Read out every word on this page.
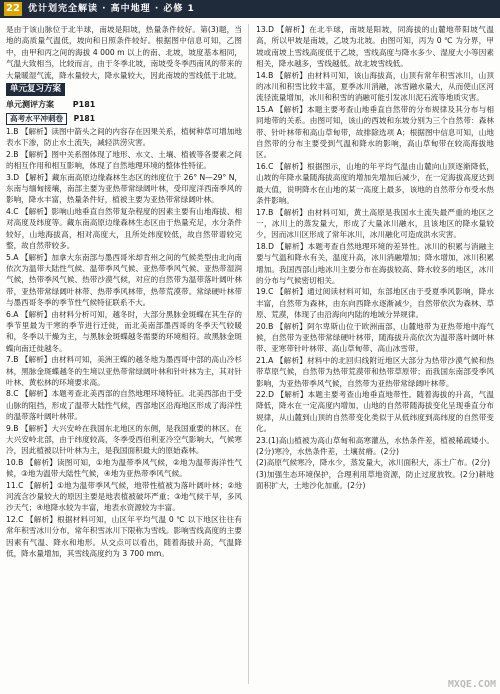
22 优计划完全解读 · 高中地理 · 必修 1

是由于该山脉位于北半球，南坡是阳坡，热量条件较好。第(3)题，当地的高质量气温低，坡向和日照条件较好。根据图中信息可知，乙图中，由甲和丙之间的海拔 4 000 m 以上的南、北坡，坡度基本相同，气温大致相当，比较而言，由于冬季北坡，南坡受冬季西南风的带来的大量暖湿气流，降水量较大，降水量较大，因此南坡的雪线低于北坡。

单元复习方案
单元测评方案 P181
高考水平冲刺卷 P181

1.B 【解析】读图中箭头之间的内容存在因果关系，植树种草可增加地表水下渗，防止水土流失，减轻洪涝灾害。

2.B 【解析】图中关系图体现了地形、水文、土壤、植被等各要素之间的相互作用和相互影响，体现了自然地理环境的整体性特征。

3.D 【解析】藏东南高原边缘森林生态区的纬度位于 26° N—29° N，东南与缅甸接壤，南部主要为亚热带常绿阔叶林，受印度洋西南季风的影响，降水丰富，热量条件好，植被主要为亚热带常绿阔叶林。

4.C 【解析】影响山地垂直自然带复杂程度的因素主要有山地海拔、相对高度及纬度等。藏东南高原边缘森林生态区由于热量充足，水分条件较好，山地海拔高，相对高度大，且所处纬度较低，故自然带谱较完整，故自然带较多。

5.A 【解析】加拿大东南部与墨西哥米却肯州之间的气候类型由北向南依次为温带大陆性气候、温带季风气候、亚热带季风气候、亚热带湿润气候，热带季风气候、热带沙漠气候，对应的自然带为温带落叶阔叶林带，亚热带常绿阔叶林带、热带季风林带，热带荒漠带。常绿硬叶林带与墨西哥冬季的季节性气候特征联系不大。

6.A 【解析】由材料分析可知，越冬时，大部分黑脉金斑蝶在其生存的季节里最为干寒的季节进行迁徙，而北美南部墨西哥的冬季天气较暖和，冬季以干燥为主，与黑脉金斑蝶越冬需要的环境相符。故黑脉金斑蝶向南迁徙越冬。

7.B 【解析】由材料可知，美洲王蝶的越冬地为墨西哥中部的高山冷杉林，黑脉金斑蝶越冬的生境以亚热带常绿阔叶林和针叶林为主，其对针叶林、黄松林的环境要求高。

8.C 【解析】本题考查北美西部的自然地理环境特征。北美西部由于受山脉的阻挡，形成了温带大陆性气候，西部地区沿海地区形成了海洋性的温带落叶阔叶林带。

9.B 【解析】大兴安岭在我国东北地区的东侧，是我国重要的林区。在大兴安岭北部，由于纬度较高，冬季受西伯利亚冷空气影响大，气候寒冷，因此植被以针叶林为主，是我国面积最大的原始森林。

10.B 【解析】读图可知，①地为温带季风气候，②地为温带海洋性气候，③地为温带大陆性气候，④地为亚热带季风气候。

11.C 【解析】①地为温带季风气候，地带性植被为落叶阔叶林；②地河流含沙量较大的原因主要是地表植被破坏严重；③地气候干旱，多风沙天气；④地降水较为丰富，地表水资源较为丰富。

12.C 【解析】根据材料可知，山区年平均气温 0 ℃ 以下地区往往有常年积雪冰川分布，常年积雪冰川下限称为雪线。影响雪线高度的主要因素有气温、降水和地形。从交点可以看出，随着海拔升高，气温降低，降水量增加，其雪线高度约为 3 700 mm。

13.D 【解析】在北半球，南坡是阳坡，同海拔的山麓地带阳坡气温高，所以甲坡是南坡，乙坡为北坡。由图可知，丙为 0 ℃ 为分界，甲坡或南坡上雪线高度低于乙坡，雪线高度与降水多少、湿度大小等因素相关，降水越多，雪线越低。故北坡雪线低。

14.B 【解析】由材料可知，该山海拔高，山顶有常年积雪冰川，山顶的冰川和积雪比较丰富，夏季冰川消融，冰雪融水量大，从而使山区河流径流量增加，冰川和积雪的消融可能引发冰川泥石流等地质灾害。

15.A 【解析】本题主要考查山地垂直自然带的分布规律及其分布与相同地带的关系。由图可知，该山的西坡和东坡分别为三个自然带：森林带、针叶林带和高山草甸带，故排除选项 A；根据图中信息可知，山地自然带的分布主要受到气温和降水的影响，高山草甸带在较高海拔地区。

16.C 【解析】根据图示，山地的年平均气温由山麓向山顶逐渐降低，山坡的年降水量随海拔高度的增加先增加后减少，在一定海拔高度达到最大值，说明降水在山地的某一高度上最多，该地的自然带分布受水热条件影响。

17.B 【解析】由材料可知，黄土高原是我国水土流失最严重的地区之一，冰川上的蒸发量大，形成了大量冰川融水，且该地区的降水量较少，因而冰川区形成了常年冰川，冰川融化可造成洪水灾害。

18.D 【解析】本题考查自然地理环境的差异性。冰川的积累与消融主要与气温和降水有关，温度升高，冰川消融增加；降水增加，冰川积累增加。我国西部山地冰川主要分布在海拔较高、降水较多的地区，冰川的分布与气候密切相关。

19.C 【解析】通过阅读材料可知，东部地区由于受夏季风影响，降水丰富，自然带为森林，由东向西降水逐渐减少，自然带依次为森林、草原、荒漠，体现了由沿海向内陆的地域分异规律。

20.B 【解析】阿尔卑斯山位于欧洲南部，山麓地带为亚热带地中海气候，自然带为亚热带常绿硬叶林带，随海拔升高依次为温带落叶阔叶林带、亚寒带针叶林带、高山草甸带、高山冰雪带。

21.A 【解析】材料中的北回归线附近地区大部分为热带沙漠气候和热带草原气候，自然带为热带荒漠带和热带草原带；而我国东南部受季风影响，为亚热带季风气候，自然带为亚热带常绿阔叶林带。

22.D 【解析】本题主要考查山地垂直地带性。随着海拔的升高，气温降低，降水在一定高度内增加，山地的自然带随海拔变化呈现垂直分布规律，从山麓到山顶的自然带变化类似于从低纬度到高纬度的自然带变化。

23.(1)高山植被为高山草甸和高寒灌丛，水热条件差，植被稀疏矮小。(2分)寒冷，水热条件差，土壤贫瘠。(2分)

(2)高原气候寒冷，降水少，蒸发量大，冰川面积大，冻土广布。(2分)

(3)加强生态环境保护，合理利用草地资源，防止过度放牧。(2分)耕地面积扩大，土地沙化加重。(2分)

MXQE.COM
